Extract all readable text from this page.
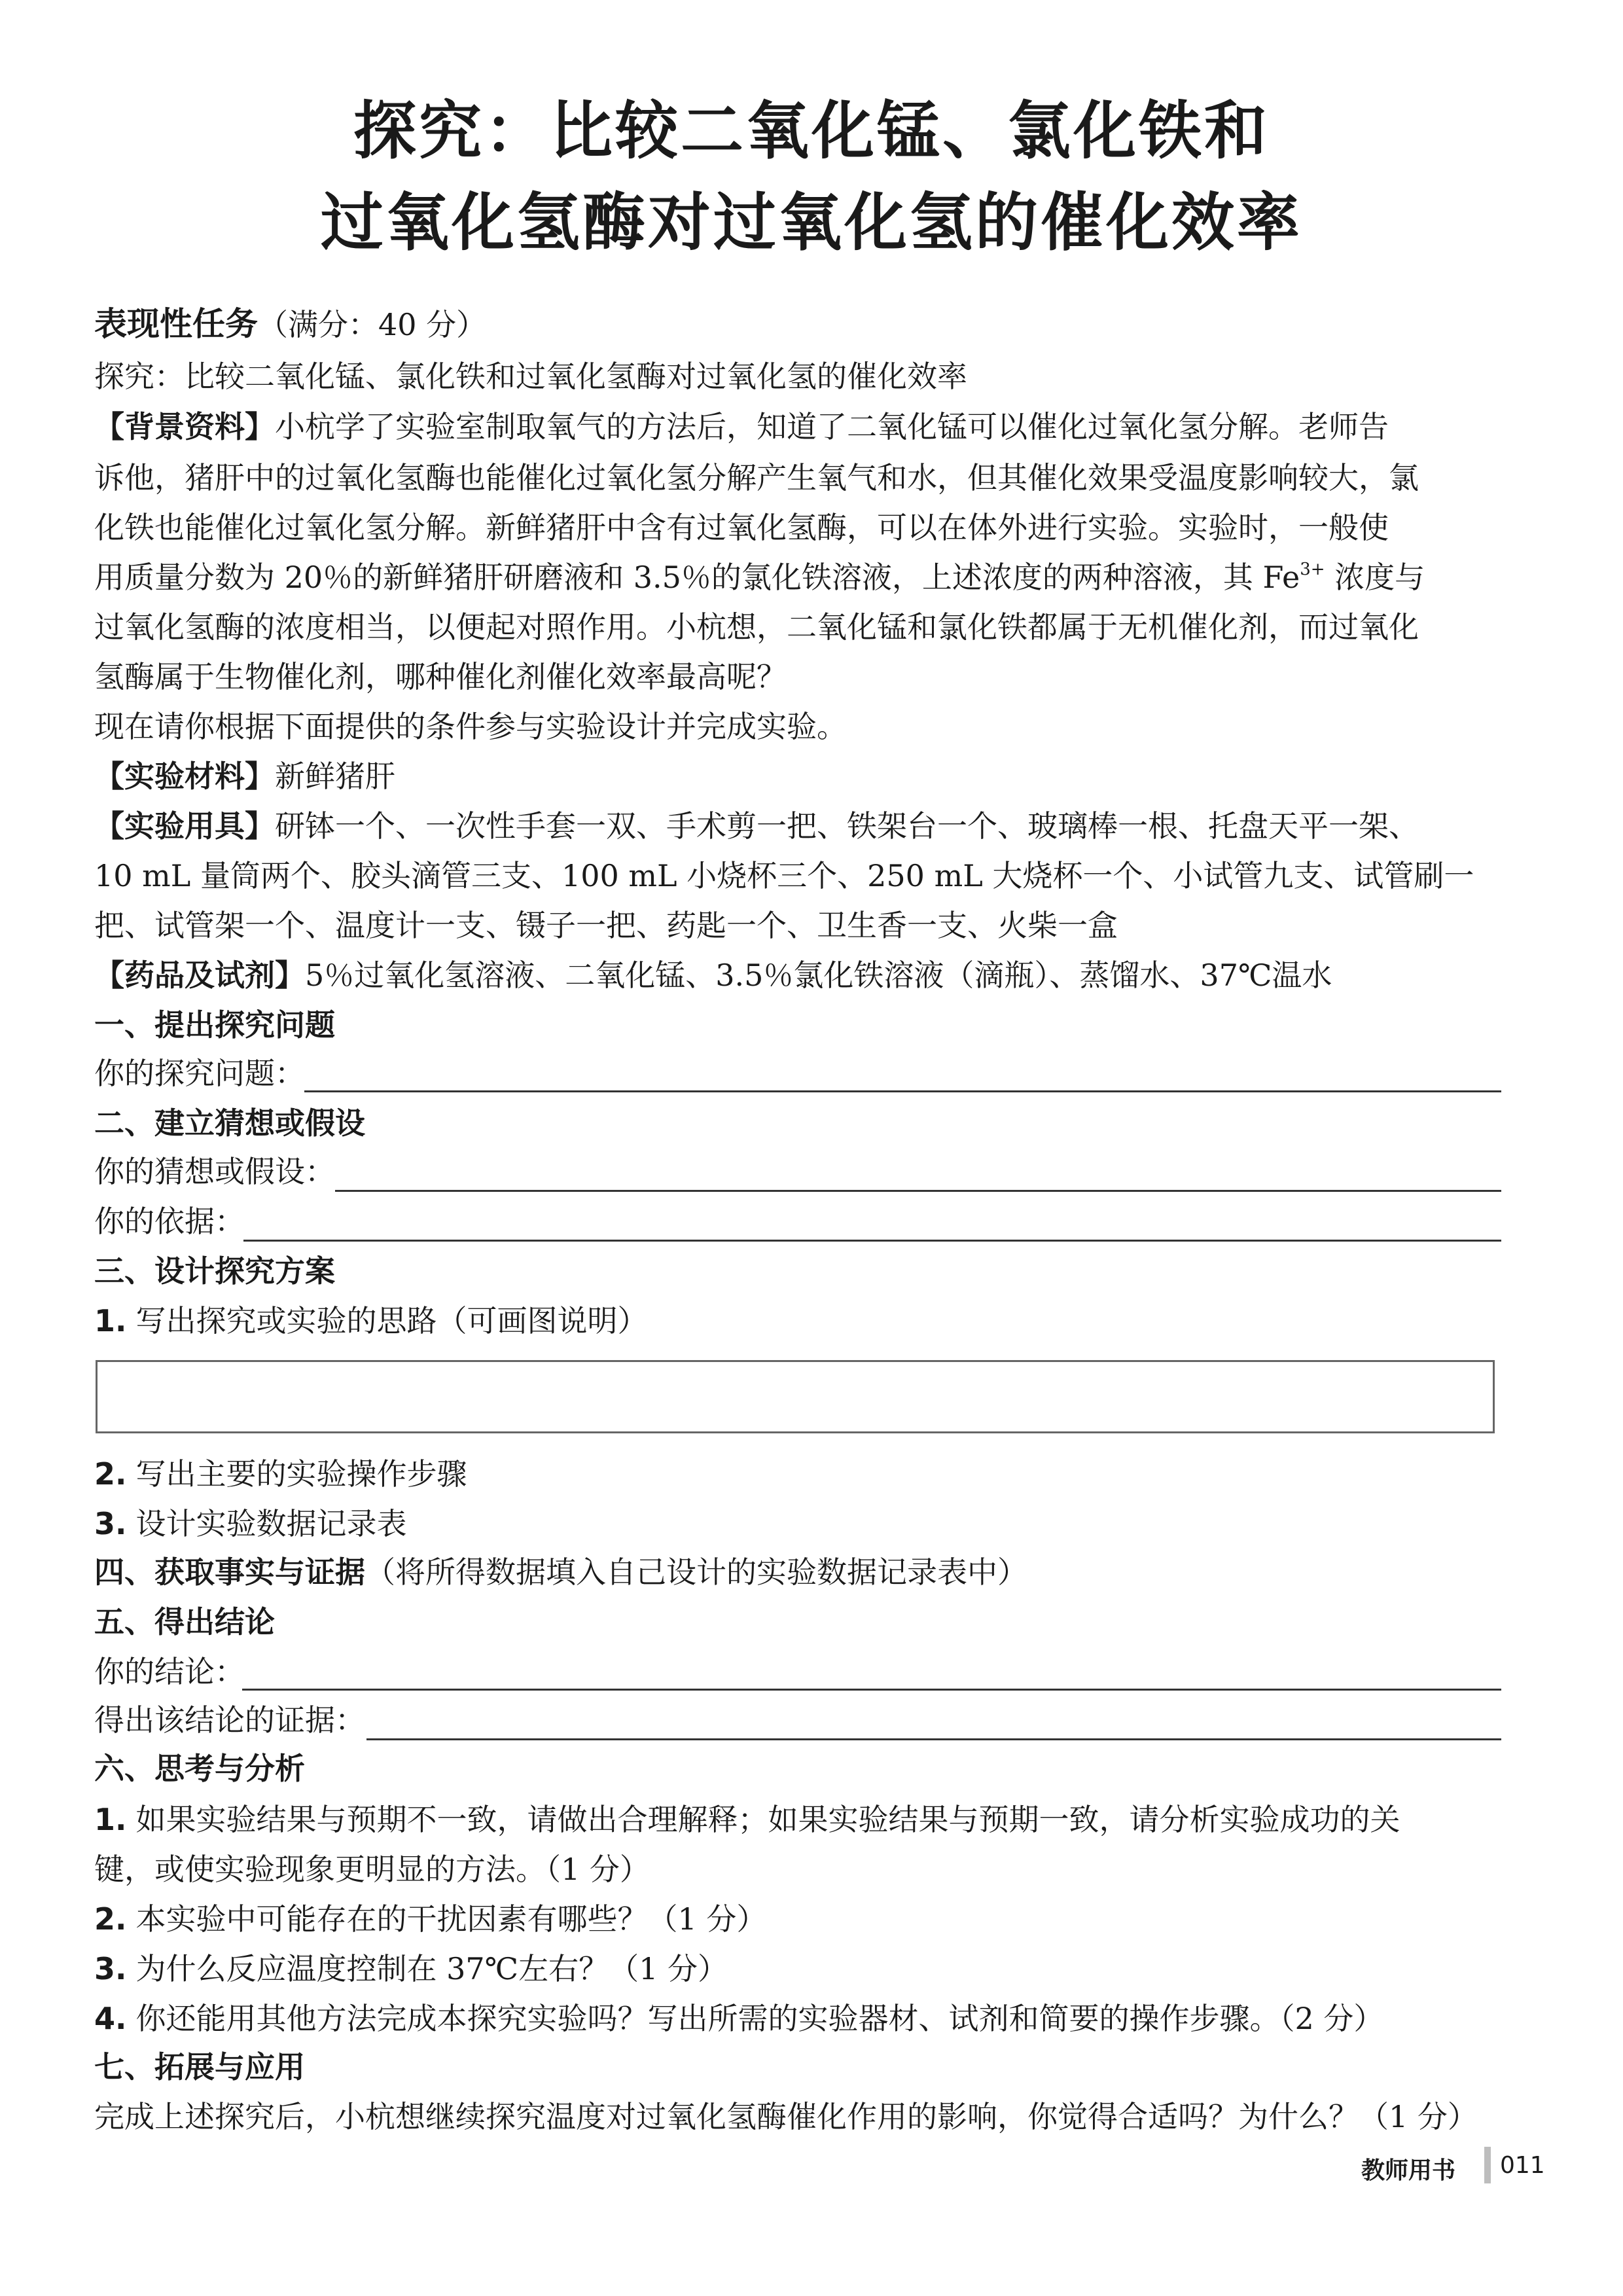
探究：比较二氧化锰、氯化铁和
过氧化氢酶对过氧化氢的催化效率
表现性任务（满分：40 分）
探究：比较二氧化锰、氯化铁和过氧化氢酶对过氧化氢的催化效率
【背景资料】小杭学了实验室制取氧气的方法后，知道了二氧化锰可以催化过氧化氢分解。老师告
诉他，猪肝中的过氧化氢酶也能催化过氧化氢分解产生氧气和水，但其催化效果受温度影响较大，氯
化铁也能催化过氧化氢分解。新鲜猪肝中含有过氧化氢酶，可以在体外进行实验。实验时，一般使
用质量分数为 20％的新鲜猪肝研磨液和 3.5％的氯化铁溶液，上述浓度的两种溶液，其 $Fe^{3+}$ 浓度与
过氧化氢酶的浓度相当，以便起对照作用。小杭想，二氧化锰和氯化铁都属于无机催化剂，而过氧化
氢酶属于生物催化剂，哪种催化剂催化效率最高呢？
现在请你根据下面提供的条件参与实验设计并完成实验。
【实验材料】新鲜猪肝
【实验用具】研钵一个、一次性手套一双、手术剪一把、铁架台一个、玻璃棒一根、托盘天平一架、
10 mL 量筒两个、胶头滴管三支、100 mL 小烧杯三个、250 mL 大烧杯一个、小试管九支、试管刷一
把、试管架一个、温度计一支、镊子一把、药匙一个、卫生香一支、火柴一盒
【药品及试剂】5％过氧化氢溶液、二氧化锰、3.5％氯化铁溶液（滴瓶）、蒸馏水、37℃温水
一、提出探究问题
你的探究问题：
二、建立猜想或假设
你的猜想或假设：
你的依据：
三、设计探究方案
1. 写出探究或实验的思路（可画图说明）
2. 写出主要的实验操作步骤
3. 设计实验数据记录表
四、获取事实与证据（将所得数据填入自己设计的实验数据记录表中）
五、得出结论
你的结论：
得出该结论的证据：
六、思考与分析
1. 如果实验结果与预期不一致，请做出合理解释；如果实验结果与预期一致，请分析实验成功的关
键，或使实验现象更明显的方法。（1 分）
2. 本实验中可能存在的干扰因素有哪些？（1 分）
3. 为什么反应温度控制在 37℃左右？（1 分）
4. 你还能用其他方法完成本探究实验吗？写出所需的实验器材、试剂和简要的操作步骤。（2 分）
七、拓展与应用
完成上述探究后，小杭想继续探究温度对过氧化氢酶催化作用的影响，你觉得合适吗？为什么？（1 分）
教师用书 011
